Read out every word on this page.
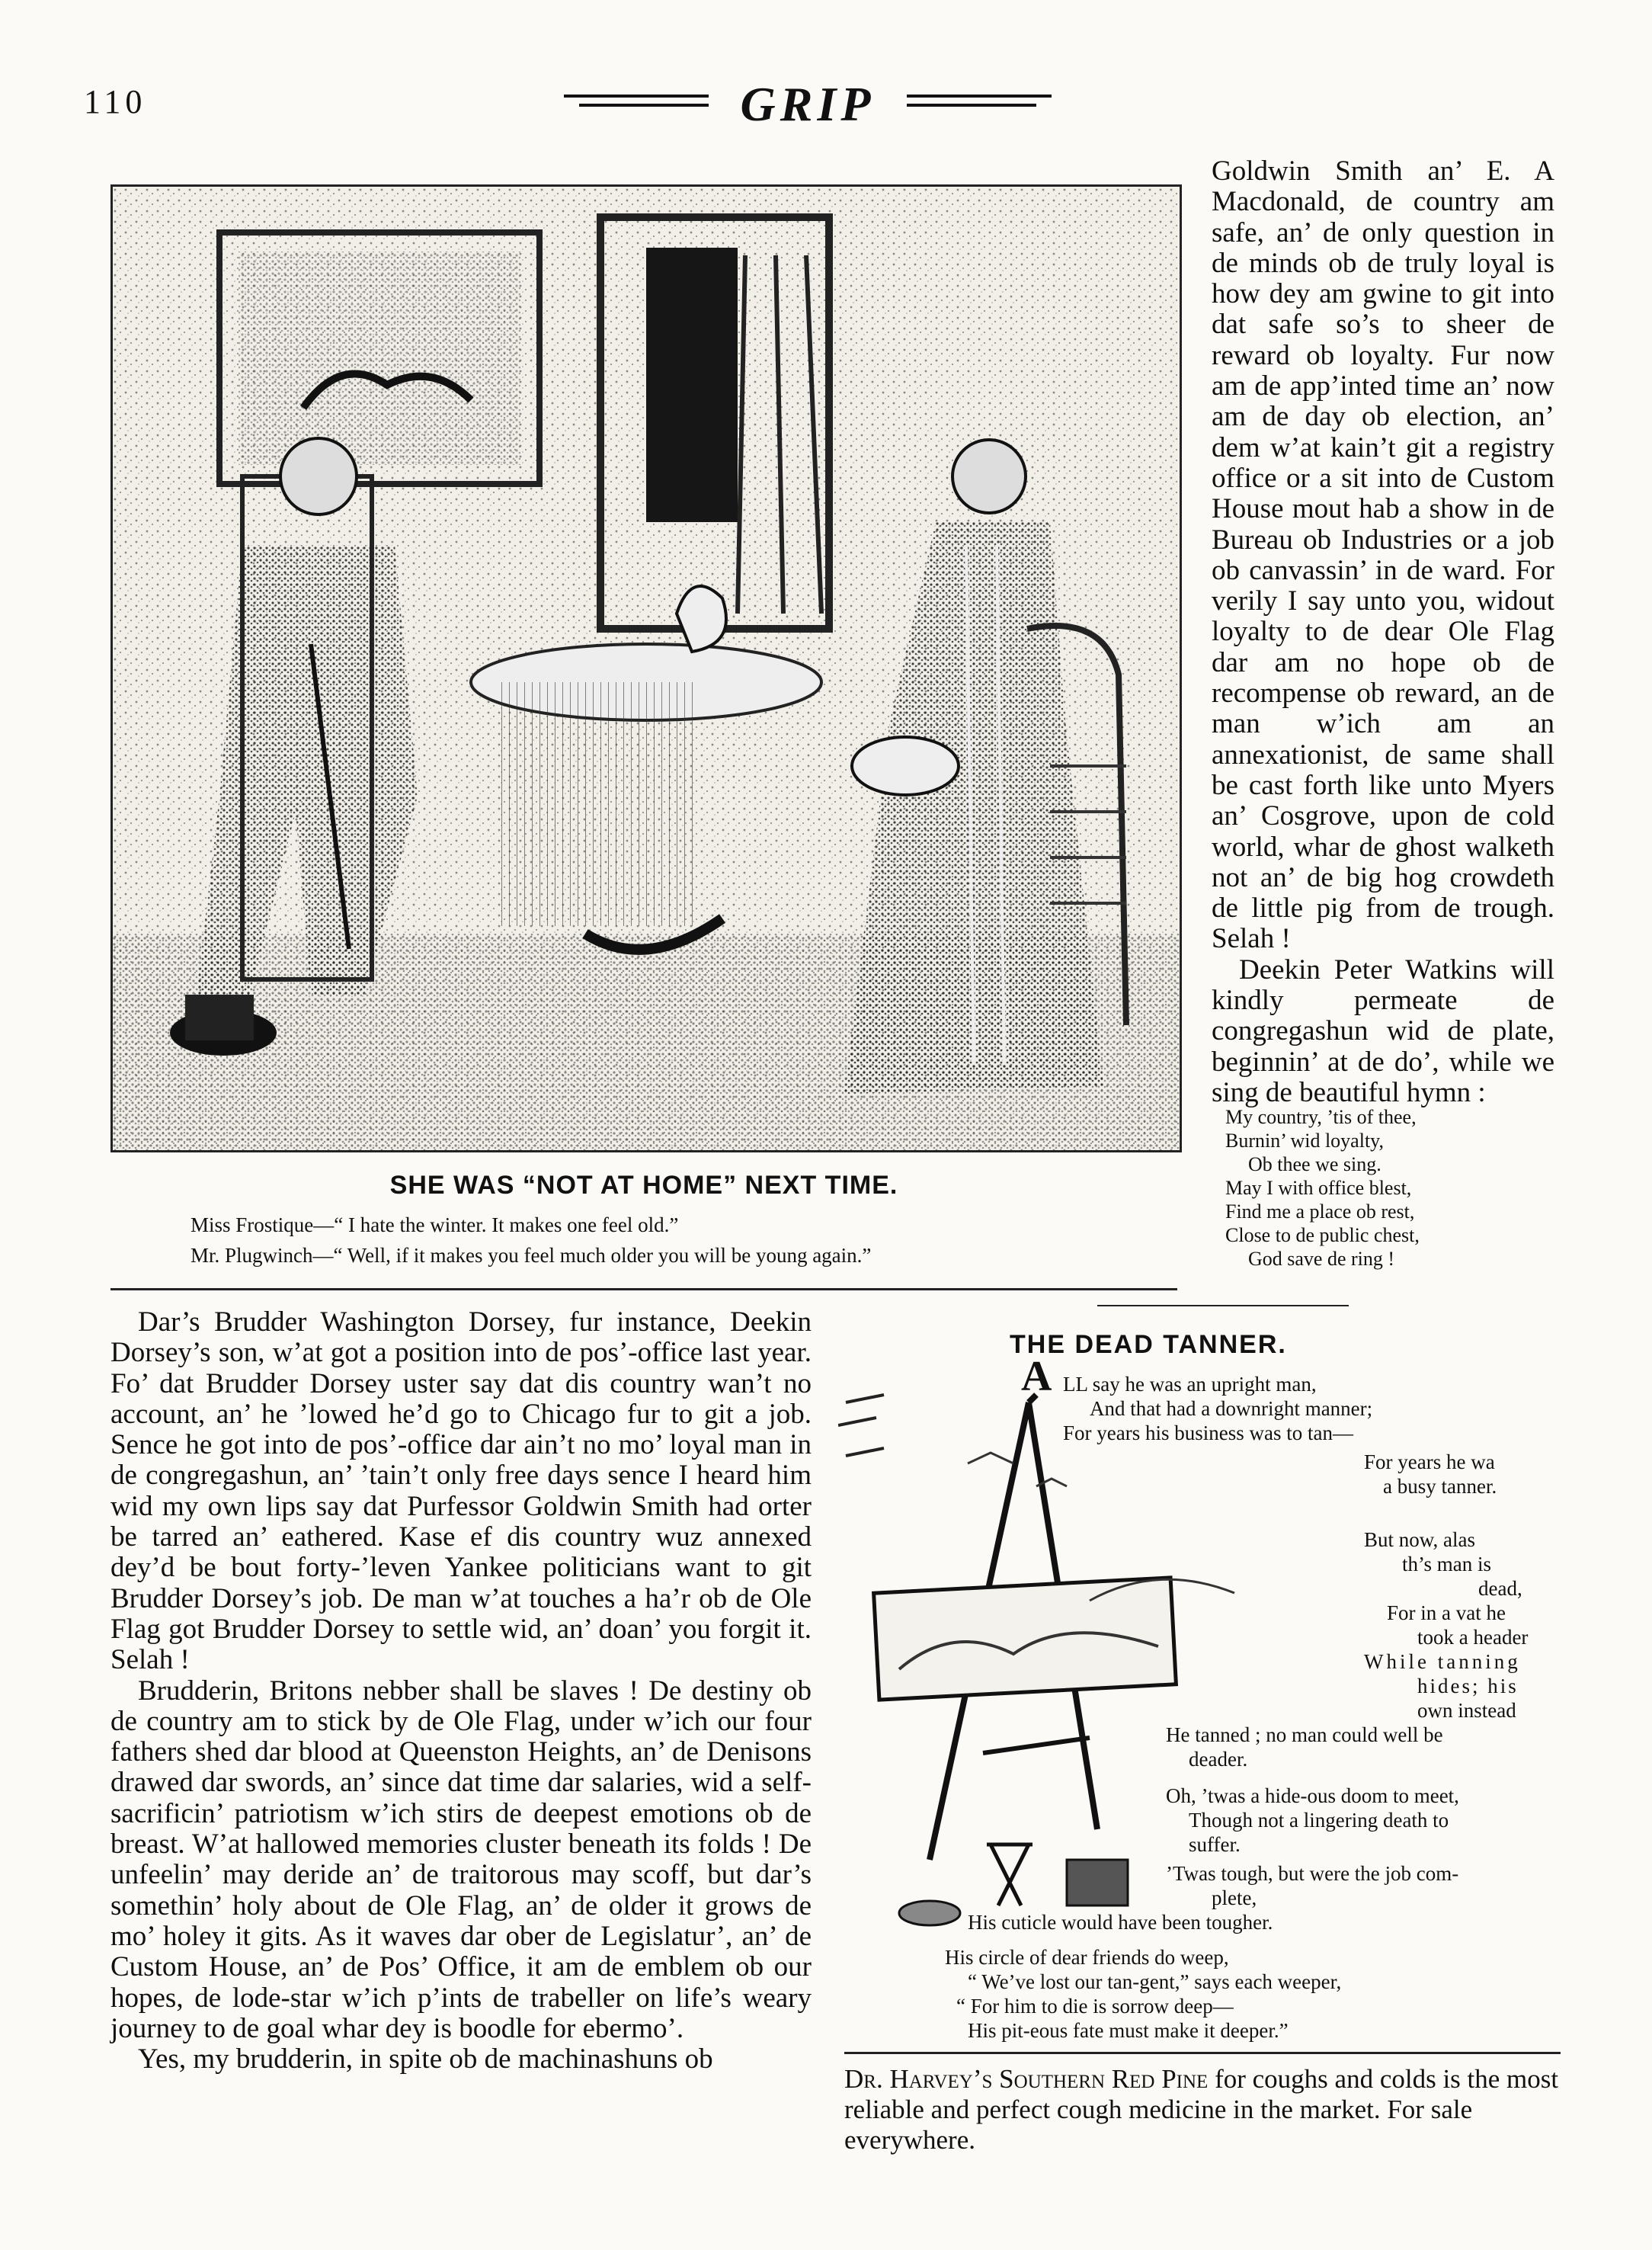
110	GRIP
SHE WAS “NOT AT HOME” NEXT TIME.
Miss Frostique—“ I hate the winter. It makes one feel old.”
Mr. Plugwinch—“ Well, if it makes you feel much older you will be young again.”

Goldwin Smith an’ E. A Macdonald, de country am safe, an’ de only question in de minds ob de truly loyal is how dey am gwine to git into dat safe so’s to sheer de reward ob loyalty. Fur now am de app’inted time an’ now am de day ob election, an’ dem w’at kain’t git a registry office or a sit into de Custom House mout hab a show in de Bureau ob Industries or a job ob canvassin’ in de ward. For verily I say unto you, widout loyalty to de dear Ole Flag dar am no hope ob de recompense ob reward, an de man w’ich am an annexationist, de same shall be cast forth like unto Myers an’ Cosgrove, upon de cold world, whar de ghost walketh not an’ de big hog crowdeth de little pig from de trough. Selah !

Deekin Peter Watkins will kindly permeate de congregashun wid de plate, beginnin’ at de do’, while we sing de beautiful hymn :

My country, ’tis of thee,
Burnin’ wid loyalty,
Ob thee we sing.
May I with office blest,
Find me a place ob rest,
Close to de public chest,
God save de ring !

Dar’s Brudder Washington Dorsey, fur instance, Deekin Dorsey’s son, w’at got a position into de pos’-office last year. Fo’ dat Brudder Dorsey uster say dat dis country wan’t no account, an’ he ’lowed he’d go to Chicago fur to git a job. Sence he got into de pos’-office dar ain’t no mo’ loyal man in de congregashun, an’ ’tain’t only free days sence I heard him wid my own lips say dat Purfessor Goldwin Smith had orter be tarred an’ eathered. Kase ef dis country wuz annexed dey’d be bout forty-’leven Yankee politicians want to git Brudder Dorsey’s job. De man w’at touches a ha’r ob de Ole Flag got Brudder Dorsey to settle wid, an’ doan’ you forgit it. Selah !

Brudderin, Britons nebber shall be slaves ! De destiny ob de country am to stick by de Ole Flag, under w’ich our four fathers shed dar blood at Queenston Heights, an’ de Denisons drawed dar swords, an’ since dat time dar salaries, wid a self-sacrificin’ patriotism w’ich stirs de deepest emotions ob de breast. W’at hallowed memories cluster beneath its folds ! De unfeelin’ may deride an’ de traitorous may scoff, but dar’s somethin’ holy about de Ole Flag, an’ de older it grows de mo’ holey it gits. As it waves dar ober de Legislatur’, an’ de Custom House, an’ de Pos’ Office, it am de emblem ob our hopes, de lode-star w’ich p’ints de trabeller on life’s weary journey to de goal whar dey is boodle for ebermo’.

Yes, my brudderin, in spite ob de machinashuns ob

THE DEAD TANNER.
A LL say he was an upright man,
And that had a downright manner;
For years his business was to tan—
For years he wa
a busy tanner.
But now, alas
th’s man is
dead,
For in a vat he
took a header
While tanning
hides; his
own instead
He tanned ; no man could well be
deader.
Oh, ’twas a hide-ous doom to meet,
Though not a lingering death to
suffer.
’Twas tough, but were the job com-
plete,
His cuticle would have been tougher.
His circle of dear friends do weep,
“ We’ve lost our tan-gent,” says each weeper,
“ For him to die is sorrow deep—
His pit-eous fate must make it deeper.”
Dr. Harvey’s Southern Red Pine for coughs and colds is the most reliable and perfect cough medicine in the market. For sale everywhere.
